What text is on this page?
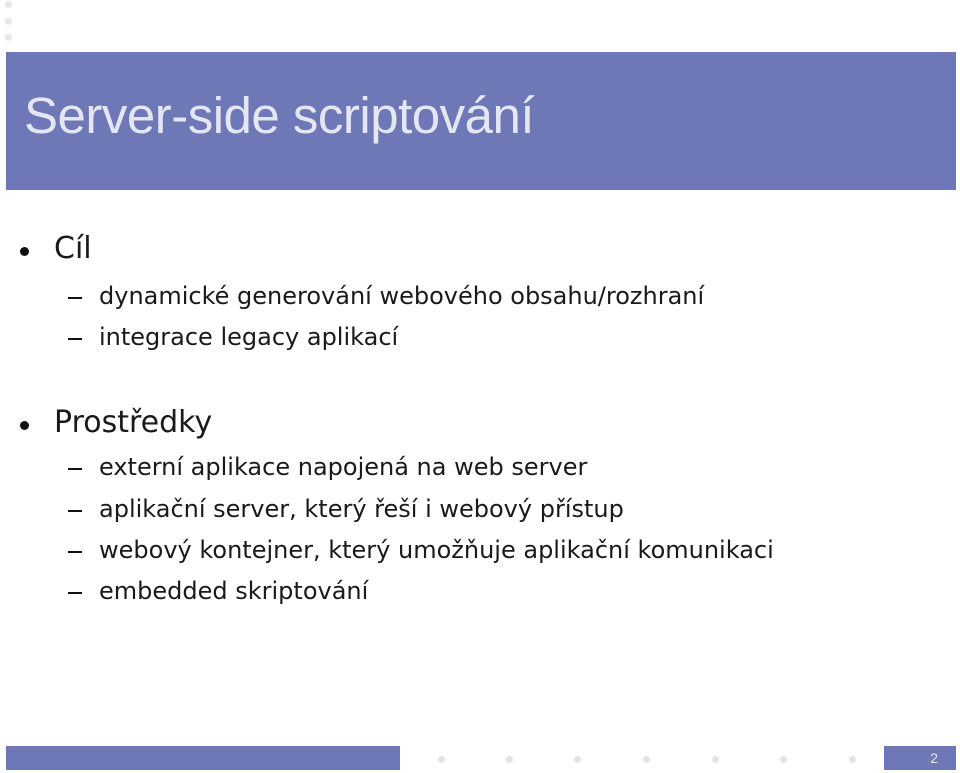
Server-side scriptování
Cíl
dynamické generování webového obsahu/rozhraní
integrace legacy aplikací
Prostředky
externí aplikace napojená na web server
aplikační server, který řeší i webový přístup
webový kontejner, který umožňuje aplikační komunikaci
embedded skriptování
2
